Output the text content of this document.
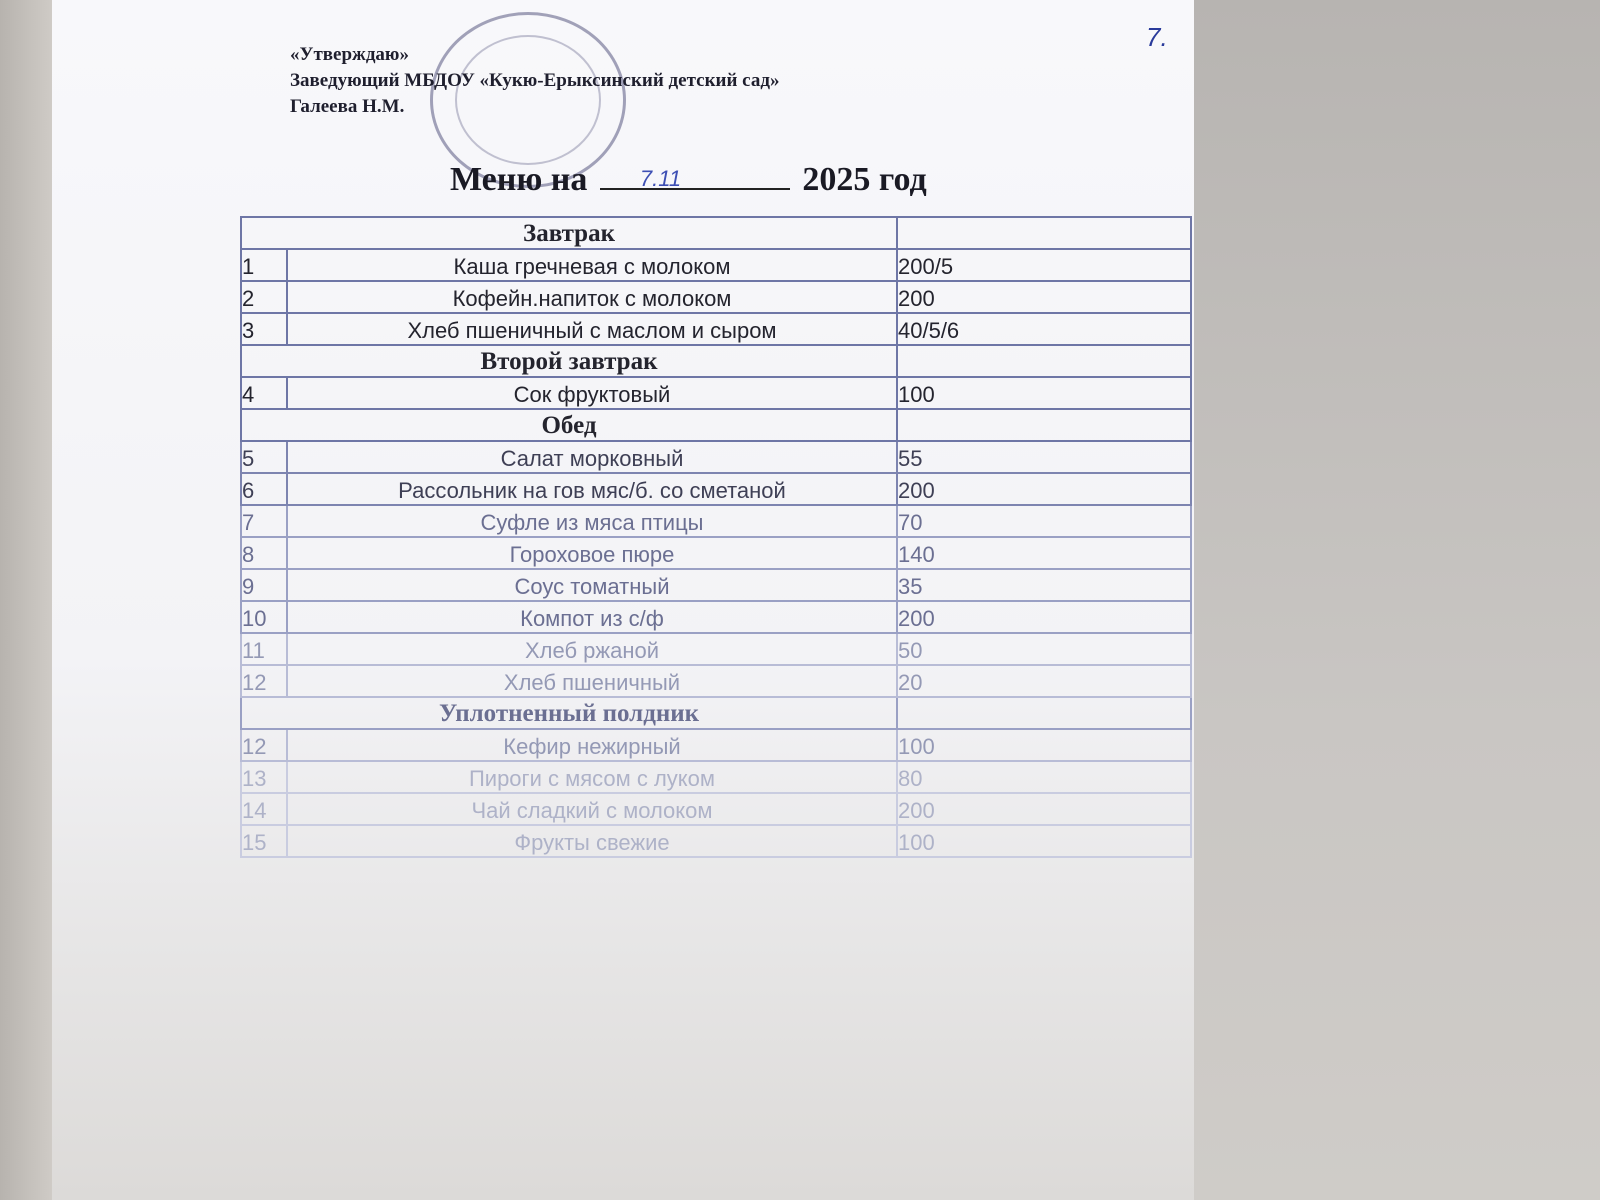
«Утверждаю»
Заведующий МБДОУ «Кукю-Ерыксинский детский сад»
Галеева Н.М.
7.
Меню на 7.11	2025 год
Завтрак		
1	Каша гречневая с молоком	200/5
2	Кофейн.напиток с молоком	200
3	Хлеб пшеничный с маслом и сыром	40/5/6
Второй завтрак		
4	Сок фруктовый	100
Обед		
5	Салат морковный	55
6	Рассольник на гов мяс/б. со сметаной	200
7	Суфле из мяса птицы	70
8	Гороховое пюре	140
9	Соус томатный	35
10	Компот из с/ф	200
11	Хлеб ржаной	50
12	Хлеб пшеничный	20
Уплотненный полдник		
12	Кефир нежирный	100
13	Пироги с мясом с луком	80
14	Чай сладкий с молоком	200
15	Фрукты свежие	100
